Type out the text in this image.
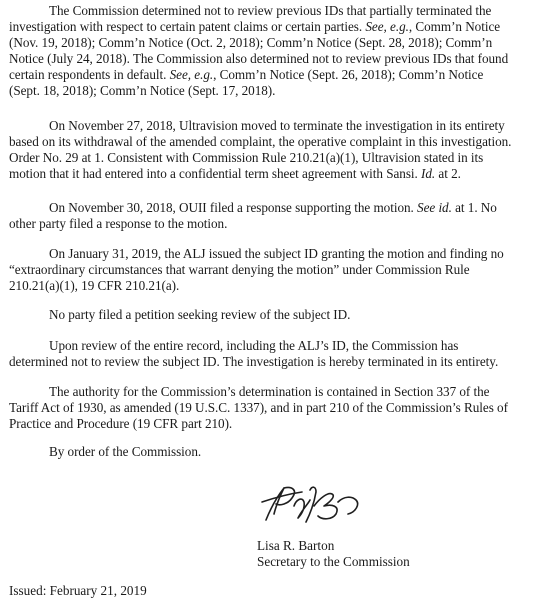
The Commission determined not to review previous IDs that partially terminated the
investigation with respect to certain patent claims or certain parties. See, e.g., Comm’n Notice
(Nov. 19, 2018); Comm’n Notice (Oct. 2, 2018); Comm’n Notice (Sept. 28, 2018); Comm’n
Notice (July 24, 2018). The Commission also determined not to review previous IDs that found
certain respondents in default. See, e.g., Comm’n Notice (Sept. 26, 2018); Comm’n Notice
(Sept. 18, 2018); Comm’n Notice (Sept. 17, 2018).

On November 27, 2018, Ultravision moved to terminate the investigation in its entirety
based on its withdrawal of the amended complaint, the operative complaint in this investigation.
Order No. 29 at 1. Consistent with Commission Rule 210.21(a)(1), Ultravision stated in its
motion that it had entered into a confidential term sheet agreement with Sansi. Id. at 2.

On November 30, 2018, OUII filed a response supporting the motion. See id. at 1. No
other party filed a response to the motion.

On January 31, 2019, the ALJ issued the subject ID granting the motion and finding no
“extraordinary circumstances that warrant denying the motion” under Commission Rule
210.21(a)(1), 19 CFR 210.21(a).

No party filed a petition seeking review of the subject ID.

Upon review of the entire record, including the ALJ’s ID, the Commission has
determined not to review the subject ID. The investigation is hereby terminated in its entirety.

The authority for the Commission’s determination is contained in Section 337 of the
Tariff Act of 1930, as amended (19 U.S.C. 1337), and in part 210 of the Commission’s Rules of
Practice and Procedure (19 CFR part 210).

By order of the Commission.

Lisa R. Barton
Secretary to the Commission

Issued: February 21, 2019
